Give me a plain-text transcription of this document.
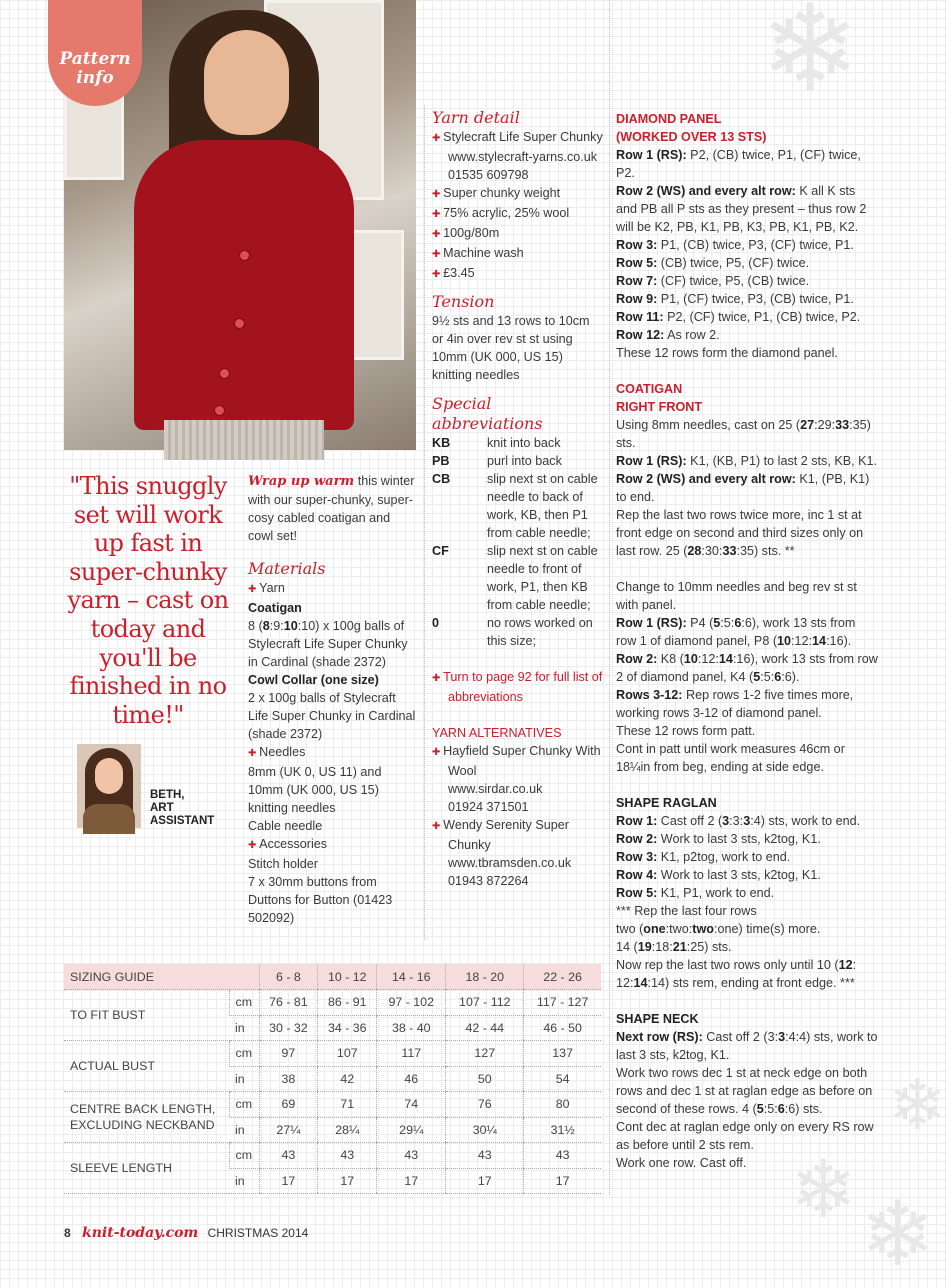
❄
❄
❄ ❄
Pattern
info
"This snuggly set will work up fast in super-chunky yarn – cast on today and you'll be finished in no time!"
BETH,
ART
ASSISTANT

Wrap up warm this winter with our super-chunky, super-cosy cabled coatigan and cowl set!

Materials

✚ Yarn

Coatigan

8 (8:9:10:10) x 100g balls of Stylecraft Life Super Chunky in Cardinal (shade 2372)

Cowl Collar (one size)

2 x 100g balls of Stylecraft Life Super Chunky in Cardinal (shade 2372)

✚ Needles

8mm (UK 0, US 11) and 10mm (UK 000, US 15) knitting needles

Cable needle

✚ Accessories

Stitch holder

7 x 30mm buttons from Duttons for Button (01423 502092)

Yarn detail

✚ Stylecraft Life Super Chunky

www.stylecraft-yarns.co.uk

01535 609798

✚ Super chunky weight

✚ 75% acrylic, 25% wool

✚ 100g/80m

✚ Machine wash

✚ £3.45

Tension

9½ sts and 13 rows to 10cm or 4in over rev st st using 10mm (UK 000, US 15) knitting needles

Special abbreviations

KB	knit into back
PB	purl into back
CB	slip next st on cable needle to back of work, KB, then P1 from cable needle;
CF	slip next st on cable needle to front of work, P1, then KB from cable needle;
0	no rows worked on this size;

✚ Turn to page 92 for full list of abbreviations

YARN ALTERNATIVES

✚ Hayfield Super Chunky With Wool

www.sirdar.co.uk

01924 371501

✚ Wendy Serenity Super Chunky

www.tbramsden.co.uk

01943 872264

DIAMOND PANEL

(WORKED OVER 13 STS)

Row 1 (RS): P2, (CB) twice, P1, (CF) twice, P2.

Row 2 (WS) and every alt row: K all K sts and PB all P sts as they present – thus row 2 will be K2, PB, K1, PB, K3, PB, K1, PB, K2.

Row 3: P1, (CB) twice, P3, (CF) twice, P1.

Row 5: (CB) twice, P5, (CF) twice.

Row 7: (CF) twice, P5, (CB) twice.

Row 9: P1, (CF) twice, P3, (CB) twice, P1.

Row 11: P2, (CF) twice, P1, (CB) twice, P2.

Row 12: As row 2.

These 12 rows form the diamond panel.

COATIGAN

RIGHT FRONT

Using 8mm needles, cast on 25 (27:29:33:35) sts.

Row 1 (RS): K1, (KB, P1) to last 2 sts, KB, K1.

Row 2 (WS) and every alt row: K1, (PB, K1) to end.

Rep the last two rows twice more, inc 1 st at front edge on second and third sizes only on last row. 25 (28:30:33:35) sts. **

Change to 10mm needles and beg rev st st with panel.

Row 1 (RS): P4 (5:5:6:6), work 13 sts from row 1 of diamond panel, P8 (10:12:14:16).

Row 2: K8 (10:12:14:16), work 13 sts from row 2 of diamond panel, K4 (5:5:6:6).

Rows 3-12: Rep rows 1-2 five times more, working rows 3-12 of diamond panel.

These 12 rows form patt.

Cont in patt until work measures 46cm or 18¼in from beg, ending at side edge.

SHAPE RAGLAN

Row 1: Cast off 2 (3:3:3:4) sts, work to end.

Row 2: Work to last 3 sts, k2tog, K1.

Row 3: K1, p2tog, work to end.

Row 4: Work to last 3 sts, k2tog, K1.

Row 5: K1, P1, work to end.

*** Rep the last four rows

two (one:two:two:one) time(s) more.

14 (19:18:21:25) sts.

Now rep the last two rows only until 10 (12: 12:14:14) sts rem, ending at front edge. ***

SHAPE NECK

Next row (RS): Cast off 2 (3:3:4:4) sts, work to last 3 sts, k2tog, K1.

Work two rows dec 1 st at neck edge on both rows and dec 1 st at raglan edge as before on second of these rows. 4 (5:5:6:6) sts.

Cont dec at raglan edge only on every RS row as before until 2 sts rem.

Work one row. Cast off.

SIZING GUIDE		6 - 8	10 - 12	14 - 16	18 - 20	22 - 26
TO FIT BUST	cm	76 - 81	86 - 91	97 - 102	107 - 112	117 - 127
	in	30 - 32	34 - 36	38 - 40	42 - 44	46 - 50
ACTUAL BUST	cm	97	107	117	127	137
	in	38	42	46	50	54

CENTRE BACK LENGTH,
EXCLUDING NECKBAND	cm	69	71	74	76	80
	in	27¼	28¼	29¼	30¼	31½
SLEEVE LENGTH	cm	43	43	43	43	43
	in	17	17	17	17	17
8 knit-today.com CHRISTMAS 2014
